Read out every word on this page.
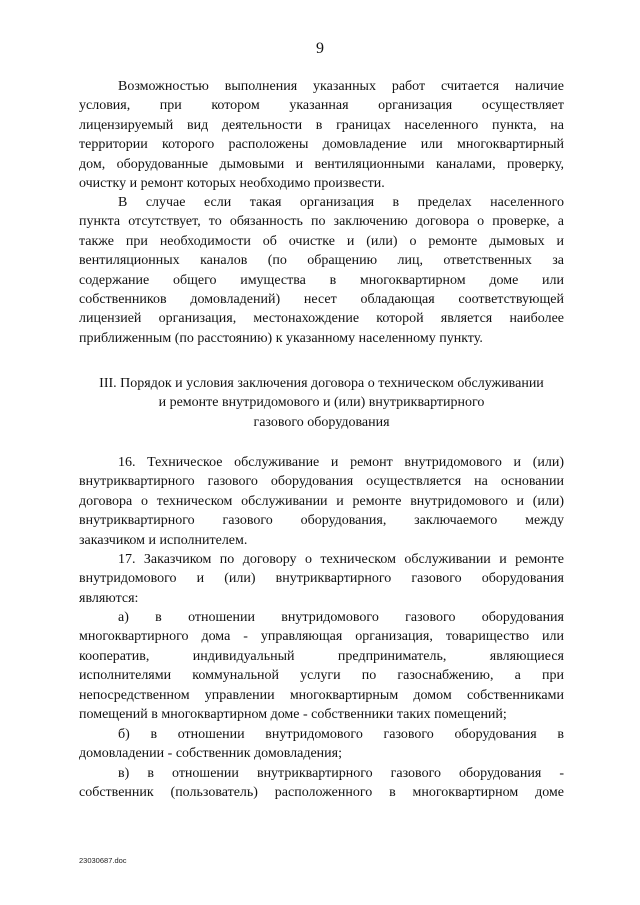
9
Возможностью выполнения указанных работ считается наличие
условия, при котором указанная организация осуществляет
лицензируемый вид деятельности в границах населенного пункта, на
территории которого расположены домовладение или многоквартирный
дом, оборудованные дымовыми и вентиляционными каналами, проверку,
очистку и ремонт которых необходимо произвести.
В случае если такая организация в пределах населенного
пункта отсутствует, то обязанность по заключению договора о проверке, а
также при необходимости об очистке и (или) о ремонте дымовых и
вентиляционных каналов (по обращению лиц, ответственных за
содержание общего имущества в многоквартирном доме или
собственников домовладений) несет обладающая соответствующей
лицензией организация, местонахождение которой является наиболее
приближенным (по расстоянию) к указанному населенному пункту.
III. Порядок и условия заключения договора о техническом обслуживании
и ремонте внутридомового и (или) внутриквартирного
газового оборудования
16. Техническое обслуживание и ремонт внутридомового и (или)
внутриквартирного газового оборудования осуществляется на основании
договора о техническом обслуживании и ремонте внутридомового и (или)
внутриквартирного газового оборудования, заключаемого между
заказчиком и исполнителем.
17. Заказчиком по договору о техническом обслуживании и ремонте
внутридомового и (или) внутриквартирного газового оборудования
являются:
а) в отношении внутридомового газового оборудования
многоквартирного дома - управляющая организация, товарищество или
кооператив, индивидуальный предприниматель, являющиеся
исполнителями коммунальной услуги по газоснабжению, а при
непосредственном управлении многоквартирным домом собственниками
помещений в многоквартирном доме - собственники таких помещений;
б) в отношении внутридомового газового оборудования в
домовладении - собственник домовладения;
в) в отношении внутриквартирного газового оборудования -
собственник (пользователь) расположенного в многоквартирном доме
23030687.doc
